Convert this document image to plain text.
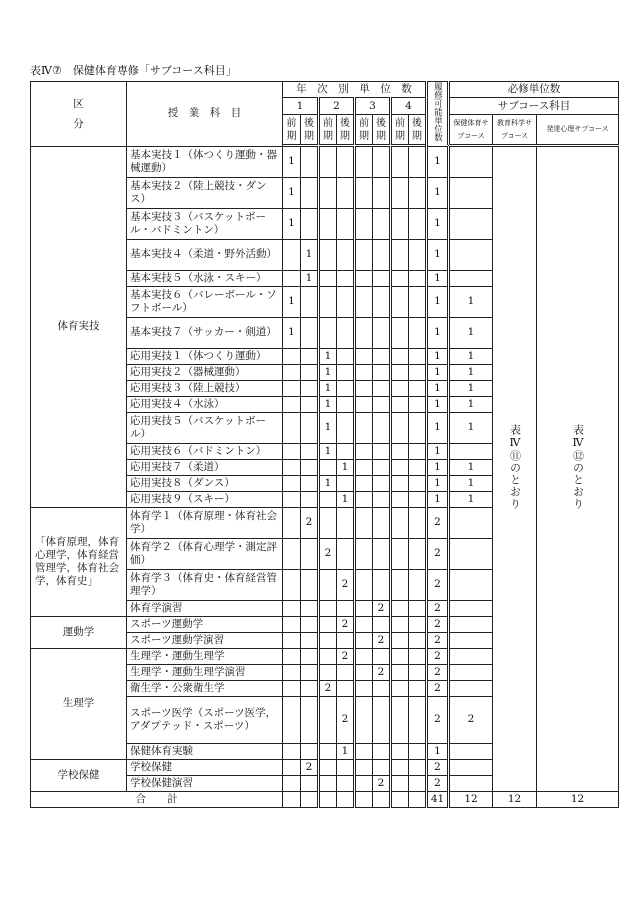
表Ⅳ⑦　保健体育専修「サブコース科目」
区
分	授　業　科　目	年　次　別　単　位　数								履修可能単位数	必修単位数		
		1		2		3		4			サブコース科目		
		前期	後期	前期	後期	前期	後期	前期	後期		保健体育サブコース	教育科学サブコース	発達心理サブコース

体育実技	基本実技１（体つくり運動・器械運動）	1								1		表Ⅳ⑪のとおり	表Ⅳ⑫のとおり
	基本実技２（陸上競技・ダンス）	1								1			
	基本実技３（バスケットボール・バドミントン）	1								1			
	基本実技４（柔道・野外活動）		1							1			
	基本実技５（水泳・スキー）		1							1			
	基本実技６（バレーボール・ソフトボール）	1								1	1		
	基本実技７（サッカー・剣道）	1								1	1		
	応用実技１（体つくり運動）			1						1	1		
	応用実技２（器械運動）			1						1	1		
	応用実技３（陸上競技）			1						1	1		
	応用実技４（水泳）			1						1	1		
	応用実技５（バスケットボール）			1						1	1		
	応用実技６（バドミントン）			1						1			
	応用実技７（柔道）				1					1	1		
	応用実技８（ダンス）			1						1	1		
	応用実技９（スキー）				1					1	1		
「体育原理，体育心理学，体育経営管理学，体育社会学，体育史」	体育学１（体育原理・体育社会学）		2							2			
	体育学２（体育心理学・測定評価）			2						2			
	体育学３（体育史・体育経営管理学）				2					2			
	体育学演習						2			2			
運動学	スポーツ運動学				2					2			
	スポーツ運動学演習						2			2			
生理学	生理学・運動生理学				2					2			
	生理学・運動生理学演習						2			2			
	衛生学・公衆衛生学			2						2			
	スポーツ医学（スポーツ医学，アダプテッド・スポーツ）				2					2	2		
	保健体育実験				1					1			
学校保健	学校保健		2							2			
	学校保健演習						2			2			
合　　計										41	12	12	12
